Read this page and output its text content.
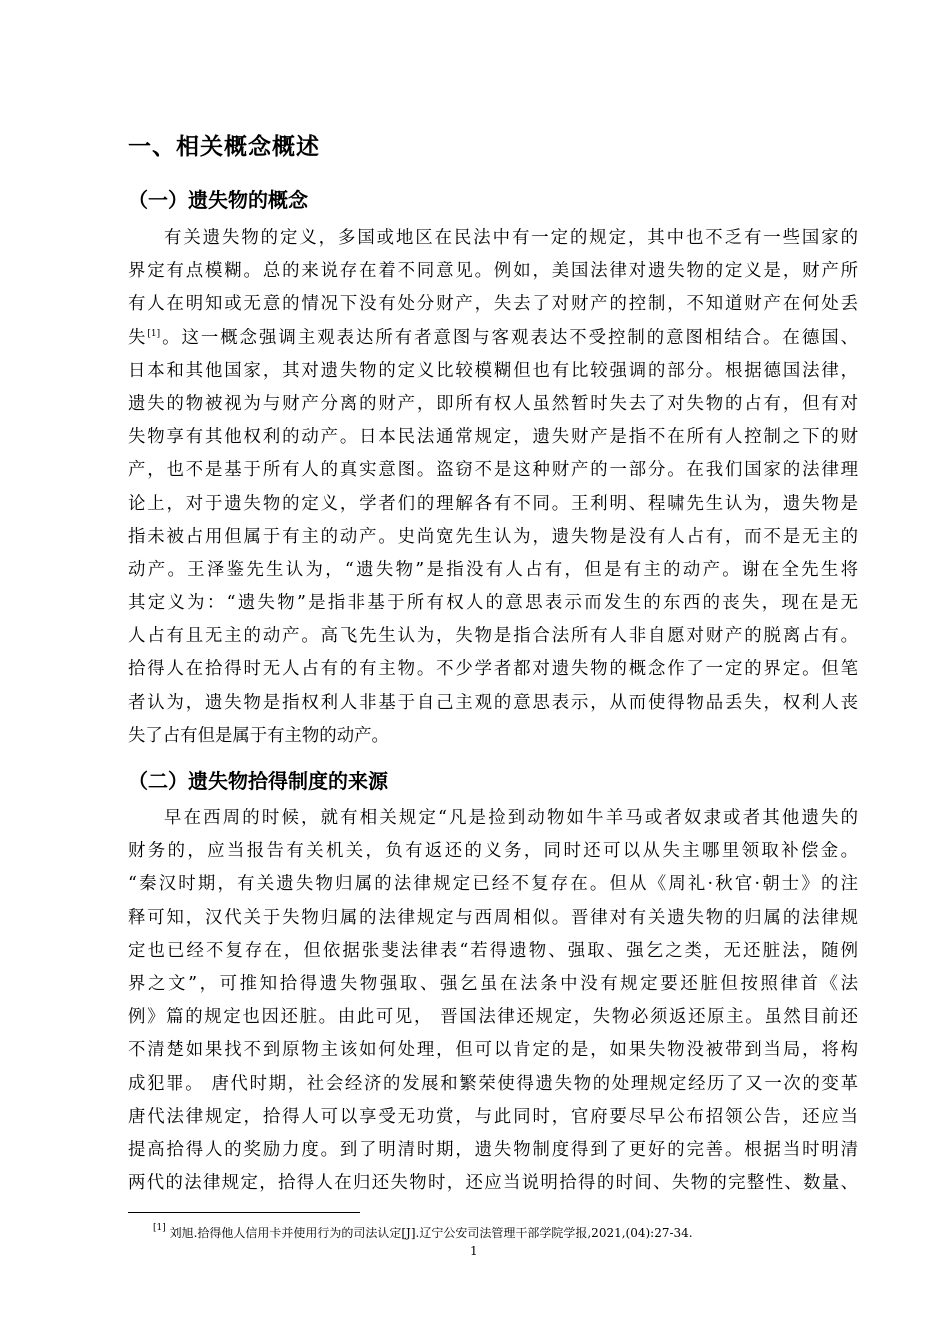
一、相关概念概述
（一）遗失物的概念
有关遗失物的定义，多国或地区在民法中有一定的规定，其中也不乏有一些国家的
界定有点模糊。总的来说存在着不同意见。例如，美国法律对遗失物的定义是，财产所
有人在明知或无意的情况下没有处分财产，失去了对财产的控制，不知道财产在何处丢
失[1]。这一概念强调主观表达所有者意图与客观表达不受控制的意图相结合。在德国、
日本和其他国家，其对遗失物的定义比较模糊但也有比较强调的部分。根据德国法律，
遗失的物被视为与财产分离的财产，即所有权人虽然暂时失去了对失物的占有，但有对
失物享有其他权利的动产。日本民法通常规定，遗失财产是指不在所有人控制之下的财
产，也不是基于所有人的真实意图。盗窃不是这种财产的一部分。在我们国家的法律理
论上，对于遗失物的定义，学者们的理解各有不同。王利明、程啸先生认为，遗失物是
指未被占用但属于有主的动产。史尚宽先生认为，遗失物是没有人占有，而不是无主的
动产。王泽鉴先生认为，“遗失物”是指没有人占有，但是有主的动产。谢在全先生将
其定义为：“遗失物”是指非基于所有权人的意思表示而发生的东西的丧失，现在是无
人占有且无主的动产。高飞先生认为，失物是指合法所有人非自愿对财产的脱离占有。
拾得人在拾得时无人占有的有主物。不少学者都对遗失物的概念作了一定的界定。但笔
者认为，遗失物是指权利人非基于自己主观的意思表示，从而使得物品丢失，权利人丧
失了占有但是属于有主物的动产。
（二）遗失物拾得制度的来源
早在西周的时候，就有相关规定“凡是捡到动物如牛羊马或者奴隶或者其他遗失的
财务的，应当报告有关机关，负有返还的义务，同时还可以从失主哪里领取补偿金。
“秦汉时期，有关遗失物归属的法律规定已经不复存在。但从《周礼·秋官·朝士》的注
释可知，汉代关于失物归属的法律规定与西周相似。晋律对有关遗失物的归属的法律规
定也已经不复存在，但依据张斐法律表“若得遗物、强取、强乞之类，无还脏法，随例
界之文”，可推知拾得遗失物强取、强乞虽在法条中没有规定要还脏但按照律首《法
例》篇的规定也因还脏。由此可见， 晋国法律还规定，失物必须返还原主。虽然目前还
不清楚如果找不到原物主该如何处理，但可以肯定的是，如果失物没被带到当局，将构
成犯罪。 唐代时期，社会经济的发展和繁荣使得遗失物的处理规定经历了又一次的变革
唐代法律规定，拾得人可以享受无功赏，与此同时，官府要尽早公布招领公告，还应当
提高拾得人的奖励力度。到了明清时期，遗失物制度得到了更好的完善。根据当时明清
两代的法律规定，拾得人在归还失物时，还应当说明拾得的时间、失物的完整性、数量、
[1] 刘旭.拾得他人信用卡并使用行为的司法认定[J].辽宁公安司法管理干部学院学报,2021,(04):27-34.
1
